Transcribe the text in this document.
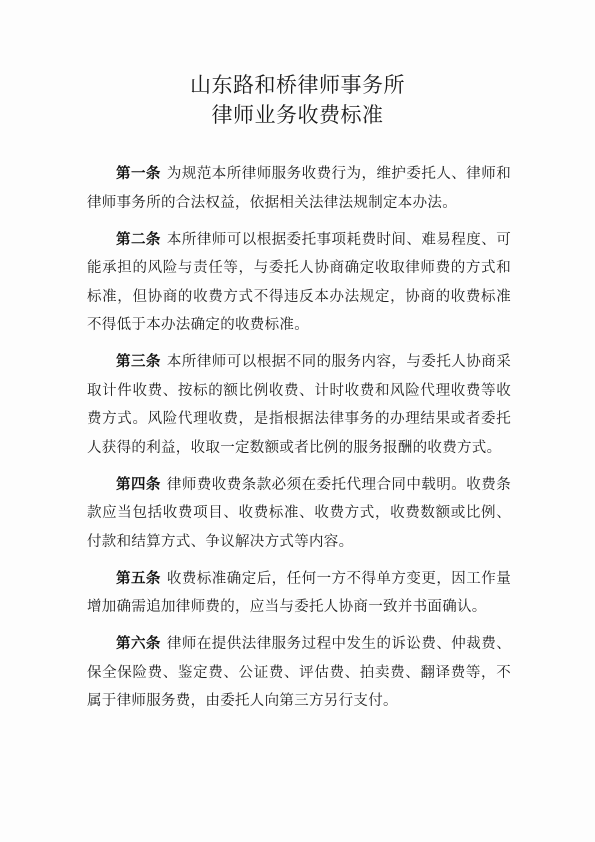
山东路和桥律师事务所
律师业务收费标准

第一条 为规范本所律师服务收费行为，维护委托人、律师和律师事务所的合法权益，依据相关法律法规制定本办法。

第二条 本所律师可以根据委托事项耗费时间、难易程度、可能承担的风险与责任等，与委托人协商确定收取律师费的方式和标准，但协商的收费方式不得违反本办法规定，协商的收费标准不得低于本办法确定的收费标准。

第三条 本所律师可以根据不同的服务内容，与委托人协商采取计件收费、按标的额比例收费、计时收费和风险代理收费等收费方式。风险代理收费，是指根据法律事务的办理结果或者委托人获得的利益，收取一定数额或者比例的服务报酬的收费方式。

第四条 律师费收费条款必须在委托代理合同中载明。收费条款应当包括收费项目、收费标准、收费方式，收费数额或比例、付款和结算方式、争议解决方式等内容。

第五条 收费标准确定后，任何一方不得单方变更，因工作量增加确需追加律师费的，应当与委托人协商一致并书面确认。

第六条 律师在提供法律服务过程中发生的诉讼费、仲裁费、保全保险费、鉴定费、公证费、评估费、拍卖费、翻译费等，不属于律师服务费，由委托人向第三方另行支付。
